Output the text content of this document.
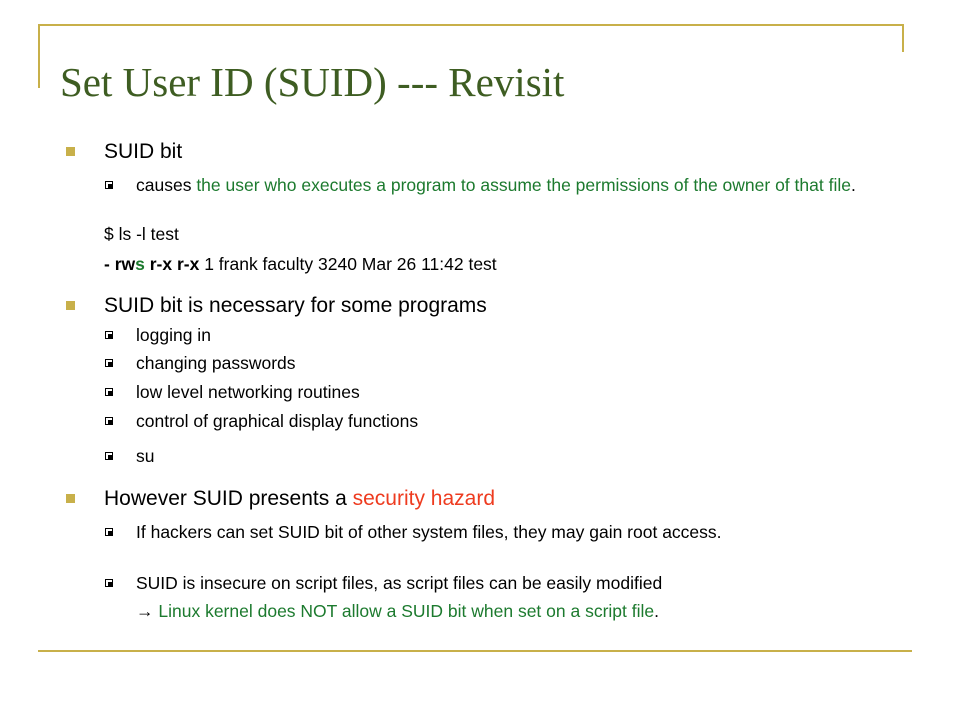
Set User ID (SUID) --- Revisit
SUID bit
causes the user who executes a program to assume the permissions of the owner of that file.
$ ls -l test
- rws r-x r-x 1 frank faculty 3240 Mar 26 11:42 test
SUID bit is necessary for some programs
logging in
changing passwords
low level networking routines
control of graphical display functions
su
However SUID presents a security hazard
If hackers can set SUID bit of other system files, they may gain root access.
SUID is insecure on script files, as script files can be easily modified
→ Linux kernel does NOT allow a SUID bit when set on a script file.
